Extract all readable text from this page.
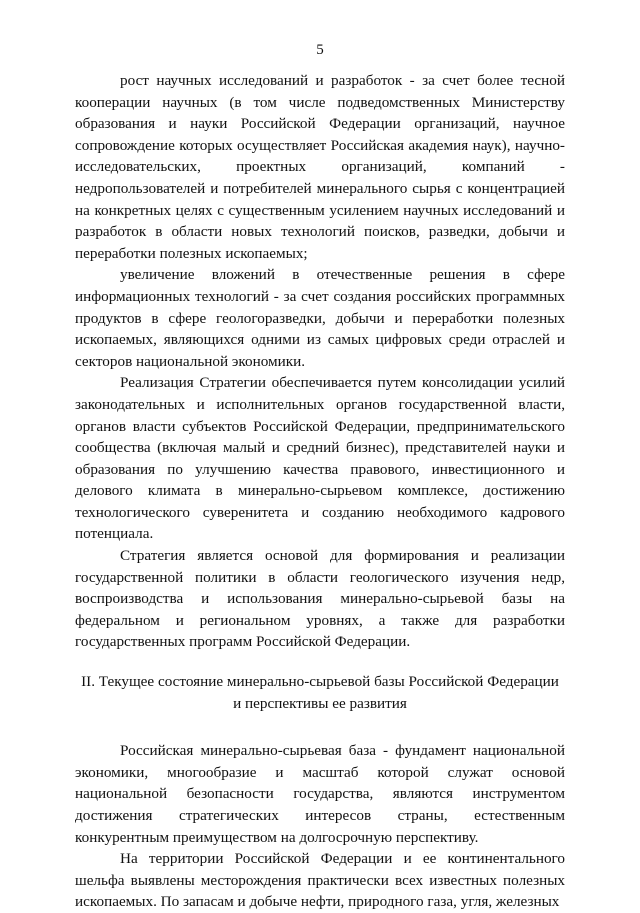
5

рост научных исследований и разработок - за счет более тесной кооперации научных (в том числе подведомственных Министерству образования и науки Российской Федерации организаций, научное сопровождение которых осуществляет Российская академия наук), научно-исследовательских, проектных организаций, компаний - недропользователей и потребителей минерального сырья с концентрацией на конкретных целях с существенным усилением научных исследований и разработок в области новых технологий поисков, разведки, добычи и переработки полезных ископаемых;

увеличение вложений в отечественные решения в сфере информационных технологий - за счет создания российских программных продуктов в сфере геологоразведки, добычи и переработки полезных ископаемых, являющихся одними из самых цифровых среди отраслей и секторов национальной экономики.

Реализация Стратегии обеспечивается путем консолидации усилий законодательных и исполнительных органов государственной власти, органов власти субъектов Российской Федерации, предпринимательского сообщества (включая малый и средний бизнес), представителей науки и образования по улучшению качества правового, инвестиционного и делового климата в минерально-сырьевом комплексе, достижению технологического суверенитета и созданию необходимого кадрового потенциала.

Стратегия является основой для формирования и реализации государственной политики в области геологического изучения недр, воспроизводства и использования минерально-сырьевой базы на федеральном и региональном уровнях, а также для разработки государственных программ Российской Федерации.

II. Текущее состояние минерально-сырьевой базы Российской Федерации
и перспективы ее развития

Российская минерально-сырьевая база - фундамент национальной экономики, многообразие и масштаб которой служат основой национальной безопасности государства, являются инструментом достижения стратегических интересов страны, естественным конкурентным преимуществом на долгосрочную перспективу.

На территории Российской Федерации и ее континентального шельфа выявлены месторождения практически всех известных полезных ископаемых. По запасам и добыче нефти, природного газа, угля, железных
